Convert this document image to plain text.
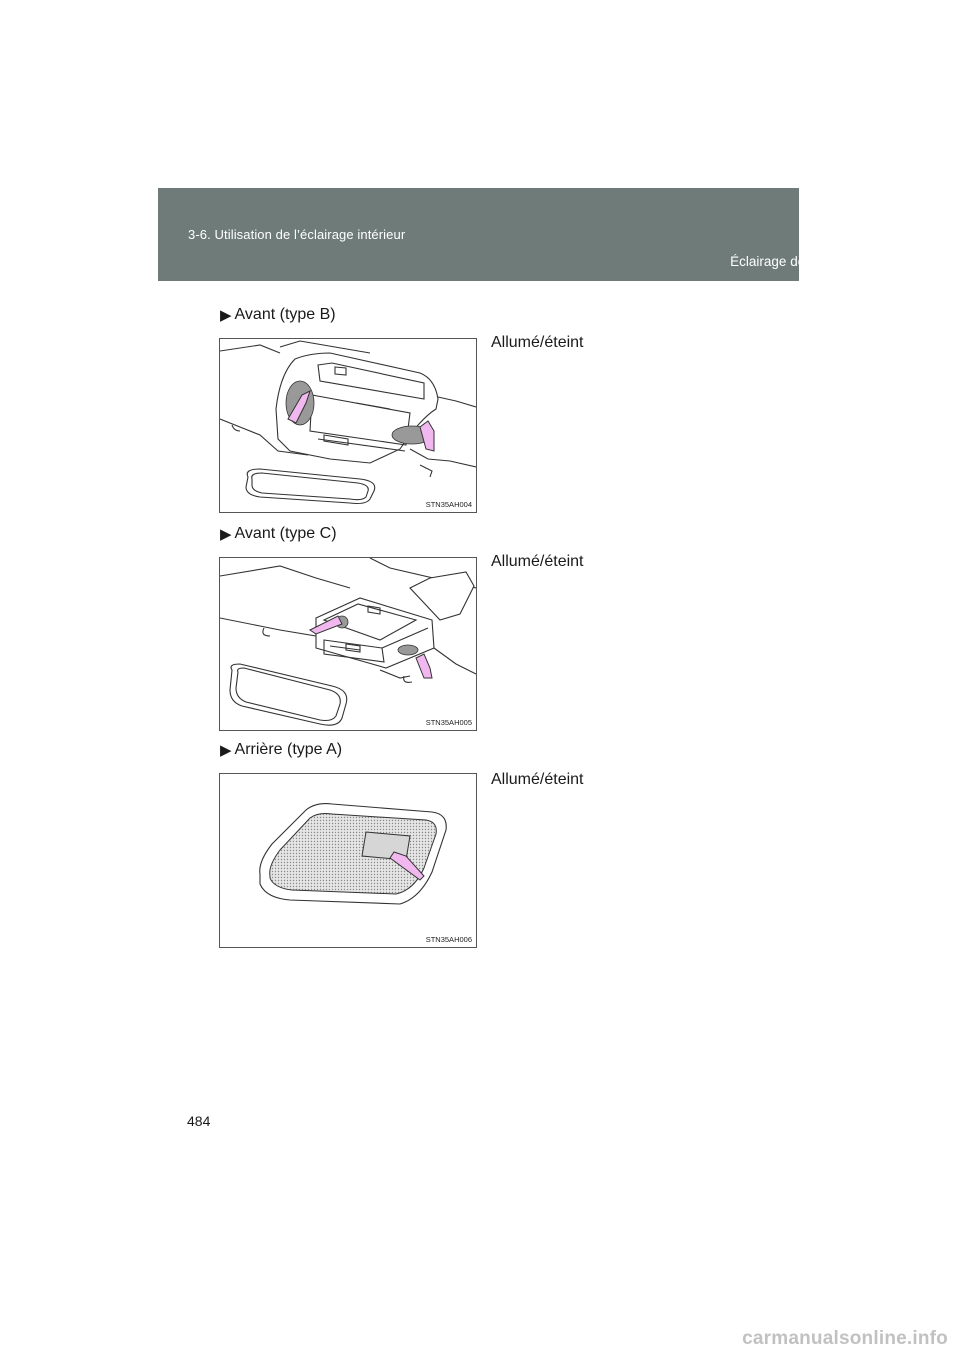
3-6. Utilisation de l’éclairage intérieur
Éclairage de lecture/intérieur
▶ Avant (type B)
Allumé/éteint
STN35AH004
▶ Avant (type C)
Allumé/éteint
STN35AH005
▶ Arrière (type A)
Allumé/éteint
STN35AH006
484
carmanualsonline.info
